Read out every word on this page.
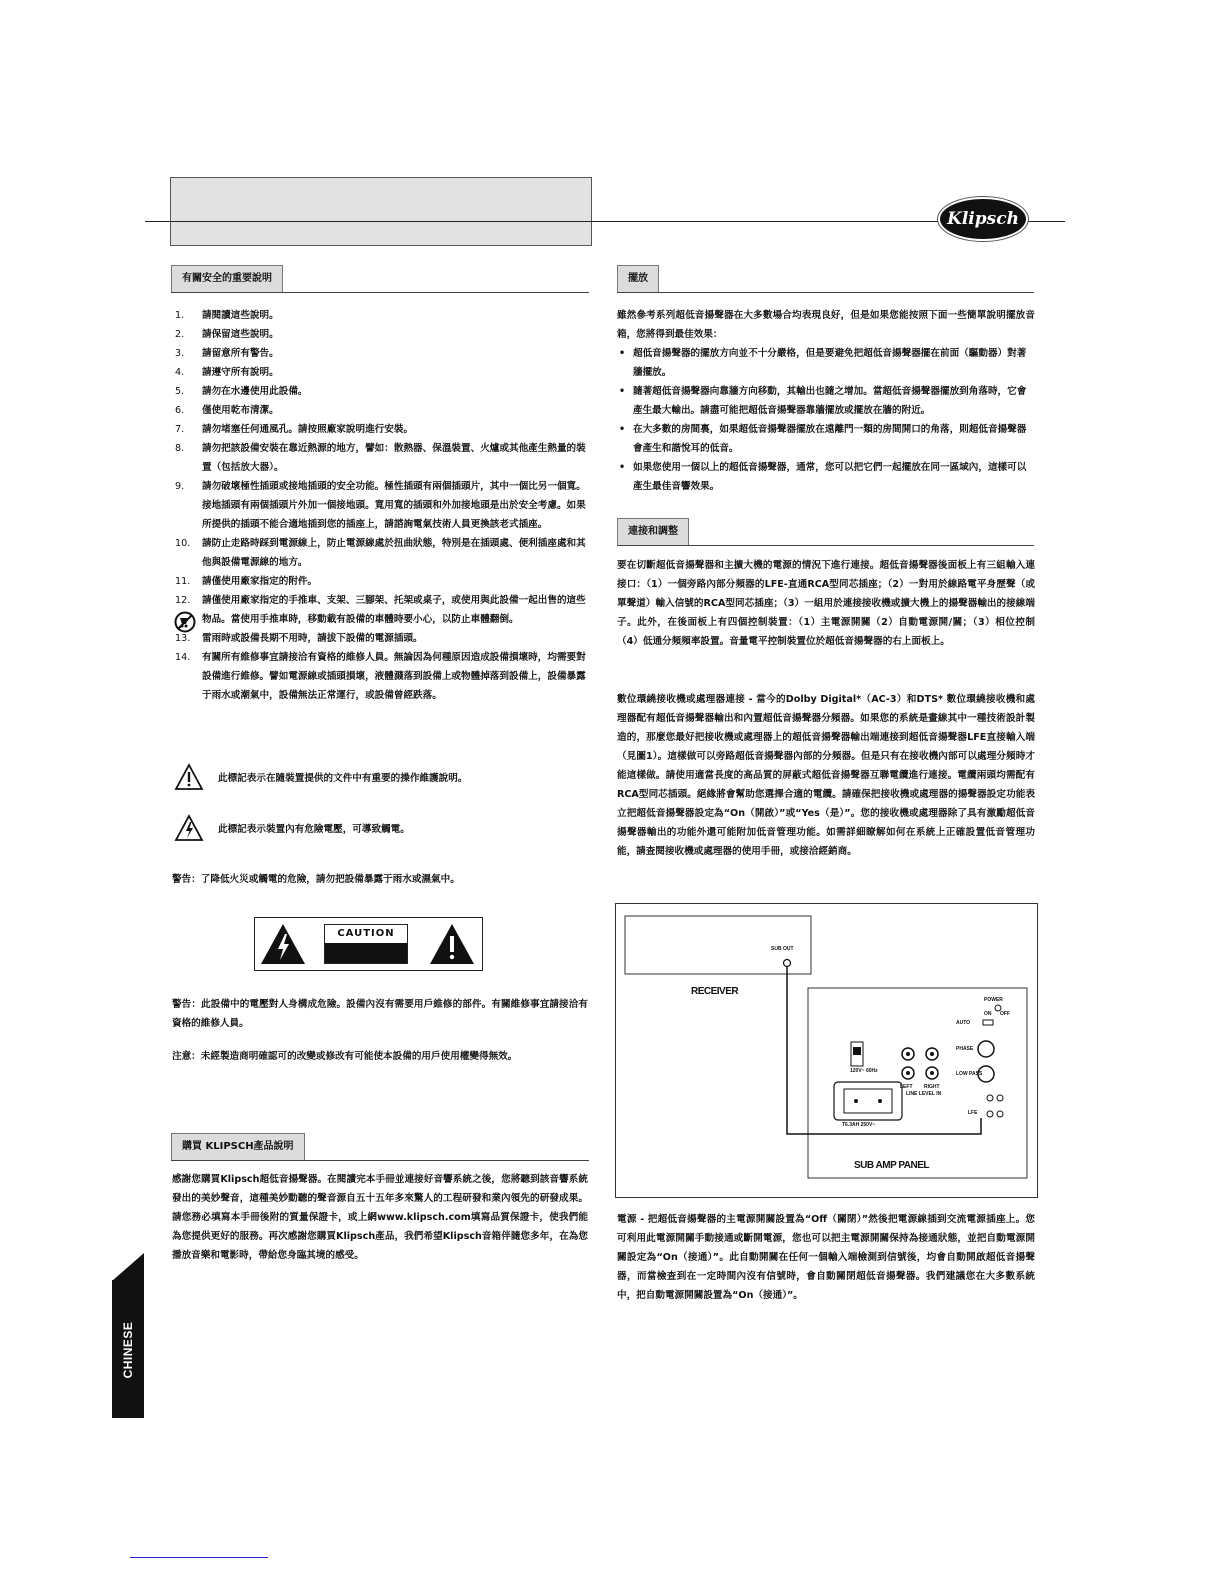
Klipsch
有關安全的重要說明
1. 請閱讀這些說明。
2. 請保留這些說明。
3. 請留意所有警告。
4. 請遵守所有說明。
5. 請勿在水邊使用此設備。
6. 僅使用乾布清潔。
7. 請勿堵塞任何通風孔。請按照廠家說明進行安裝。
8. 請勿把該設備安裝在靠近熱源的地方，譬如：散熱器、保溫裝置、火爐或其他產生熱量的裝置（包括放大器）。
9. 請勿破壞極性插頭或接地插頭的安全功能。極性插頭有兩個插頭片，其中一個比另一個寬。接地插頭有兩個插頭片外加一個接地頭。寬用寬的插頭和外加接地頭是出於安全考慮。如果所提供的插頭不能合適地插到您的插座上，請諮詢電氣技術人員更換該老式插座。
10. 請防止走路時踩到電源線上，防止電源線處於扭曲狀態，特別是在插頭處、便利插座處和其他與設備電源線的地方。
11. 請僅使用廠家指定的附件。
12. 請僅使用廠家指定的手推車、支架、三腳架、托架或桌子，或使用與此設備一起出售的這些物品。當使用手推車時，移動載有設備的車體時要小心，以防止車體翻倒。
13. 雷雨時或設備長期不用時，請拔下設備的電源插頭。
14. 有關所有維修事宜請接洽有資格的維修人員。無論因為何種原因造成設備損壞時，均需要對設備進行維修。譬如電源線或插頭損壞，液體濺落到設備上或物體掉落到設備上，設備暴露于雨水或潮氣中，設備無法正常運行，或設備曾經跌落。
此標記表示在隨裝置提供的文件中有重要的操作維護說明。
此標記表示裝置內有危險電壓，可導致觸電。
警告：了降低火災或觸電的危險，請勿把設備暴露于雨水或濕氣中。
CAUTION
警告：此設備中的電壓對人身構成危險。設備內沒有需要用戶維修的部件。有關維修事宜請接洽有資格的維修人員。
注意：未經製造商明確認可的改變或修改有可能使本設備的用戶使用權變得無效。
購買 KLIPSCH產品說明
感謝您購買Klipsch超低音揚聲器。在閱讀完本手冊並連接好音響系統之後，您將聽到該音響系統發出的美妙聲音，這種美妙動聽的聲音源自五十五年多來驚人的工程研發和業內領先的研發成果。請您務必填寫本手冊後附的質量保證卡，或上網www.klipsch.com填寫品質保證卡，使我們能為您提供更好的服務。再次感謝您購買Klipsch產品，我們希望Klipsch音箱伴隨您多年，在為您播放音樂和電影時，帶給您身臨其境的感受。
擺放
雖然參考系列超低音揚聲器在大多數場合均表現良好，但是如果您能按照下面一些簡單說明擺放音箱，您將得到最佳效果：
• 超低音揚聲器的擺放方向並不十分嚴格，但是要避免把超低音揚聲器擺在前面（驅動器）對著牆擺放。
• 隨著超低音揚聲器向靠牆方向移動，其輸出也隨之增加。當超低音揚聲器擺放到角落時，它會產生最大輸出。請盡可能把超低音揚聲器靠牆擺放或擺放在牆的附近。
• 在大多數的房間裏，如果超低音揚聲器擺放在遠離門一類的房間開口的角落，則超低音揚聲器會產生和諧悅耳的低音。
• 如果您使用一個以上的超低音揚聲器，通常，您可以把它們一起擺放在同一區域內，這樣可以產生最佳音響效果。
連接和調整
要在切斷超低音揚聲器和主擴大機的電源的情況下進行連接。超低音揚聲器後面板上有三組輸入連接口：（1）一個旁路內部分頻器的LFE-直通RCA型同芯插座；（2）一對用於線路電平身歷聲（或單聲道）輸入信號的RCA型同芯插座；（3）一組用於連接接收機或擴大機上的揚聲器輸出的接線端子。此外，在後面板上有四個控制裝置：（1）主電源開關（2）自動電源開/關；（3）相位控制（4）低通分頻頻率設置。音量電平控制裝置位於超低音揚聲器的右上面板上。
數位環繞接收機或處理器連接 - 當今的Dolby Digital*（AC-3）和DTS* 數位環繞接收機和處理器配有超低音揚聲器輸出和內置超低音揚聲器分頻器。如果您的系統是畫線其中一種技術設計製造的，那麼您最好把接收機或處理器上的超低音揚聲器輸出端連接到超低音揚聲器LFE直接輸入端（見圖1）。這樣做可以旁路超低音揚聲器內部的分頻器。但是只有在接收機內部可以處理分頻時才能這樣做。請使用適當長度的高品質的屏蔽式超低音揚聲器互聯電纜進行連接。電纜兩頭均需配有RCA型同芯插頭。絕緣將會幫助您選擇合適的電纜。請確保把接收機或處理器的揚聲器設定功能表立把超低音揚聲器設定為“On（開啟）”或“Yes（是）”。您的接收機或處理器除了具有激勵超低音揚聲器輸出的功能外還可能附加低音管理功能。如需詳細瞭解如何在系統上正確設置低音管理功能，請查閱接收機或處理器的使用手冊，或接洽經銷商。
SUB OUT
RECEIVER
SUB AMP PANEL
POWER
ON OFF
AUTO
PHASE
LOW PASS
LFE
LEFT RIGHT
LINE LEVEL IN
120V~ 60Hz
T6.3AH 250V~
電源 - 把超低音揚聲器的主電源開關設置為“Off（關閉）”然後把電源線插到交流電源插座上。您可利用此電源開關手動接通或斷開電源，您也可以把主電源開關保持為接通狀態，並把自動電源開關設定為“On（接通）”。此自動開關在任何一個輸入端檢測到信號後，均會自動開啟超低音揚聲器，而當檢查到在一定時間內沒有信號時，會自動關閉超低音揚聲器。我們建議您在大多數系統中，把自動電源開關設置為“On（接通）”。
CHINESE
